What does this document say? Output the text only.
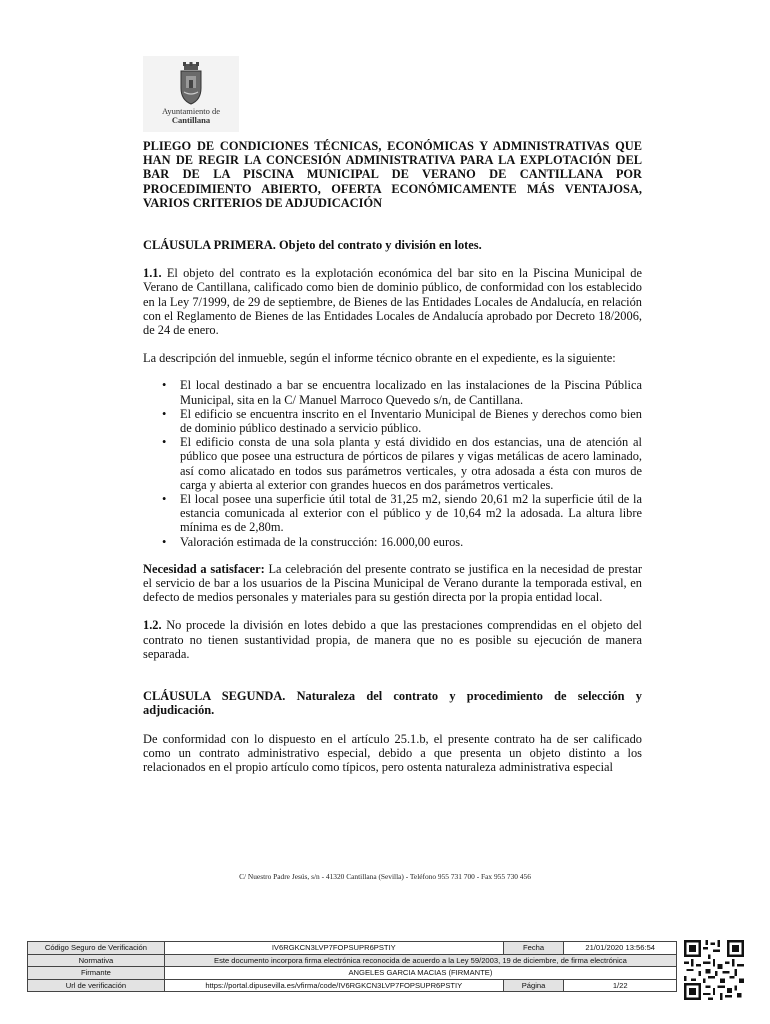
Ayuntamiento de
Cantillana

PLIEGO DE CONDICIONES TÉCNICAS, ECONÓMICAS Y ADMINISTRATIVAS QUE HAN DE REGIR LA CONCESIÓN ADMINISTRATIVA PARA LA EXPLOTACIÓN DEL BAR DE LA PISCINA MUNICIPAL DE VERANO DE CANTILLANA POR PROCEDIMIENTO ABIERTO, OFERTA ECONÓMICAMENTE MÁS VENTAJOSA, VARIOS CRITERIOS DE ADJUDICACIÓN

CLÁUSULA PRIMERA. Objeto del contrato y división en lotes.

1.1. El objeto del contrato es la explotación económica del bar sito en la Piscina Municipal de Verano de Cantillana, calificado como bien de dominio público, de conformidad con los establecido en la Ley 7/1999, de 29 de septiembre, de Bienes de las Entidades Locales de Andalucía, en relación con el Reglamento de Bienes de las Entidades Locales de Andalucía aprobado por Decreto 18/2006, de 24 de enero.

La descripción del inmueble, según el informe técnico obrante en el expediente, es la siguiente:

• El local destinado a bar se encuentra localizado en las instalaciones de la Piscina Pública Municipal, sita en la C/ Manuel Marroco Quevedo s/n, de Cantillana.
• El edificio se encuentra inscrito en el Inventario Municipal de Bienes y derechos como bien de dominio público destinado a servicio público.
• El edificio consta de una sola planta y está dividido en dos estancias, una de atención al público que posee una estructura de pórticos de pilares y vigas metálicas de acero laminado, así como alicatado en todos sus parámetros verticales, y otra adosada a ésta con muros de carga y abierta al exterior con grandes huecos en dos parámetros verticales.
• El local posee una superficie útil total de 31,25 m2, siendo 20,61 m2 la superficie útil de la estancia comunicada al exterior con el público y de 10,64 m2 la adosada. La altura libre mínima es de 2,80m.
• Valoración estimada de la construcción: 16.000,00 euros.

Necesidad a satisfacer: La celebración del presente contrato se justifica en la necesidad de prestar el servicio de bar a los usuarios de la Piscina Municipal de Verano durante la temporada estival, en defecto de medios personales y materiales para su gestión directa por la propia entidad local.

1.2. No procede la división en lotes debido a que las prestaciones comprendidas en el objeto del contrato no tienen sustantividad propia, de manera que no es posible su ejecución de manera separada.

CLÁUSULA SEGUNDA. Naturaleza del contrato y procedimiento de selección y adjudicación.

De conformidad con lo dispuesto en el artículo 25.1.b, el presente contrato ha de ser calificado como un contrato administrativo especial, debido a que presenta un objeto distinto a los relacionados en el propio artículo como típicos, pero ostenta naturaleza administrativa especial

C/ Nuestro Padre Jesús, s/n - 41320 Cantillana (Sevilla) - Teléfono 955 731 700 - Fax 955 730 456
Código Seguro de Verificación	IV6RGKCN3LVP7FOPSUPR6PSTIY	Fecha	21/01/2020 13:56:54
Normativa	Este documento incorpora firma electrónica reconocida de acuerdo a la Ley 59/2003, 19 de diciembre, de firma electrónica		
Firmante	ANGELES GARCIA MACIAS (FIRMANTE)		
Url de verificación	https://portal.dipusevilla.es/vfirma/code/IV6RGKCN3LVP7FOPSUPR6PSTIY	Página	1/22
